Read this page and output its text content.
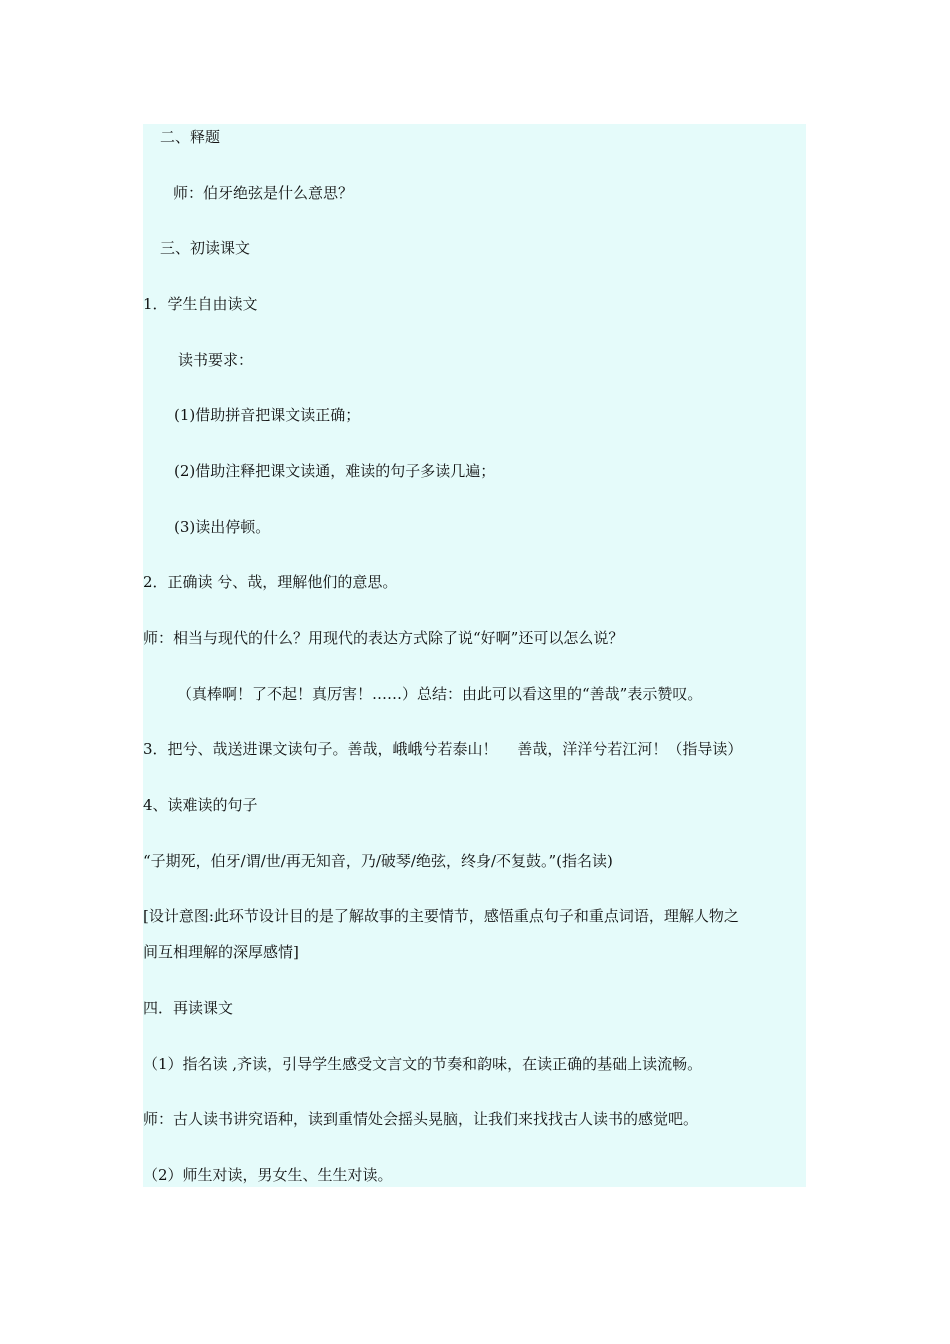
二、释题
师：伯牙绝弦是什么意思？
三、初读课文
1．学生自由读文
读书要求：
(1)借助拼音把课文读正确；
(2)借助注释把课文读通，难读的句子多读几遍；
(3)读出停顿。
2．正确读 兮、哉，理解他们的意思。
师：相当与现代的什么？用现代的表达方式除了说“好啊”还可以怎么说？
（真棒啊！了不起！真厉害！……）总结：由此可以看这里的“善哉”表示赞叹。
3．把兮、哉送进课文读句子。善哉，峨峨兮若泰山！　 善哉，洋洋兮若江河！（指导读）
4、读难读的句子
“子期死，伯牙/谓/世/再无知音，乃/破琴/绝弦，终身/不复鼓。”(指名读)
[设计意图:此环节设计目的是了解故事的主要情节，感悟重点句子和重点词语，理解人物之
间互相理解的深厚感情]
四．再读课文
（1）指名读 ,齐读，引导学生感受文言文的节奏和韵味，在读正确的基础上读流畅。
师：古人读书讲究语种，读到重情处会摇头晃脑，让我们来找找古人读书的感觉吧。
（2）师生对读，男女生、生生对读。
